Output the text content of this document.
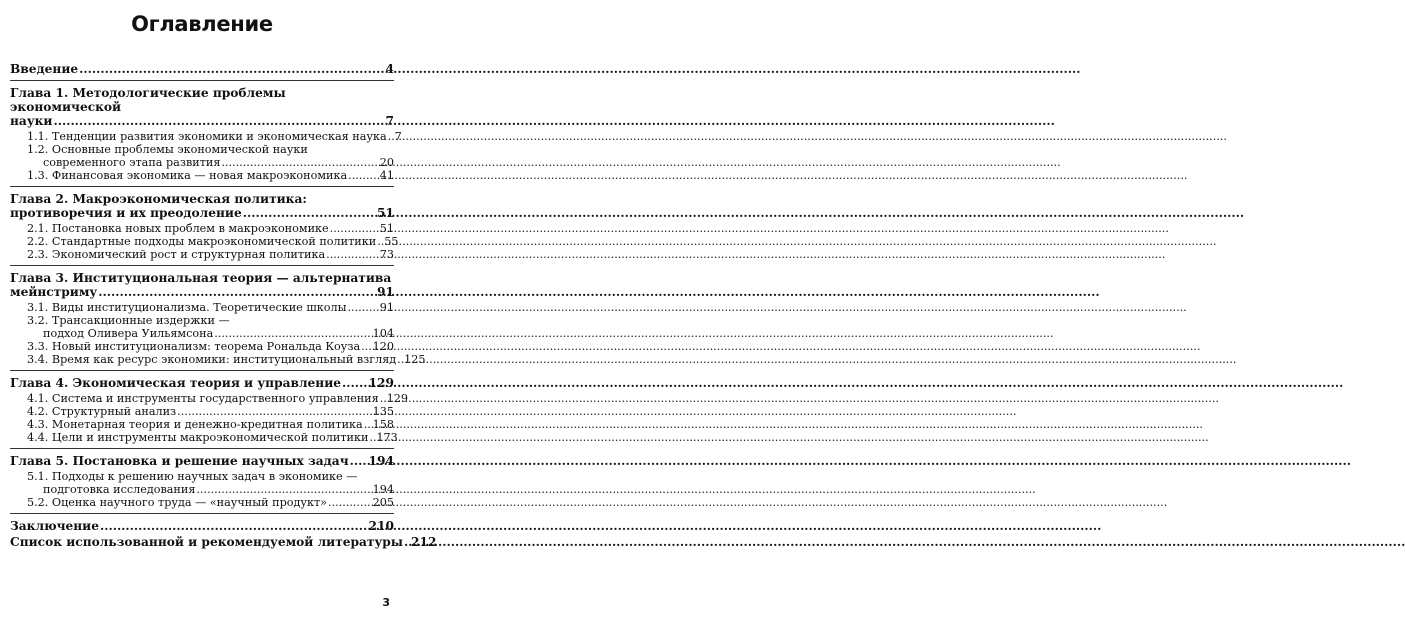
Оглавление
Введение .....	4
Глава 1. Методологические проблемы экономической
науки .....	7
1.1. Тенденции развития экономики и экономическая наука ..... 7
1.2. Основные проблемы экономической науки
современного этапа развития .....	20
1.3. Финансовая экономика — новая макроэкономика .....	41
Глава 2. Макроэкономическая политика:
противоречия и их преодоление .....	51
2.1. Постановка новых проблем в макроэкономике .....	51
2.2. Стандартные подходы макроэкономической политики ..... 55
2.3. Экономический рост и структурная политика .....	73
Глава 3. Институциональная теория — альтернатива
мейнстриму .....	91
3.1. Виды институционализма. Теоретические школы .....	91
3.2. Трансакционные издержки —
подход Оливера Уильямсона .....	104
3.3. Новый институционализм: теорема Рональда Коуза ..... 120
3.4. Время как ресурс экономики: институциональный взгляд ..... 125
Глава 4. Экономическая теория и управление ..... 129
4.1. Система и инструменты государственного управления ..... 129
4.2. Структурный анализ .....	135
4.3. Монетарная теория и денежно-кредитная политика ..... 158
4.4. Цели и инструменты макроэкономической политики ..... 173
Глава 5. Постановка и решение научных задач ..... 194
5.1. Подходы к решению научных задач в экономике —
подготовка исследования .....	194
5.2. Оценка научного труда — «научный продукт» .....	205
Заключение .....	210
Список использованной и рекомендуемой литературы ..... 212
3
